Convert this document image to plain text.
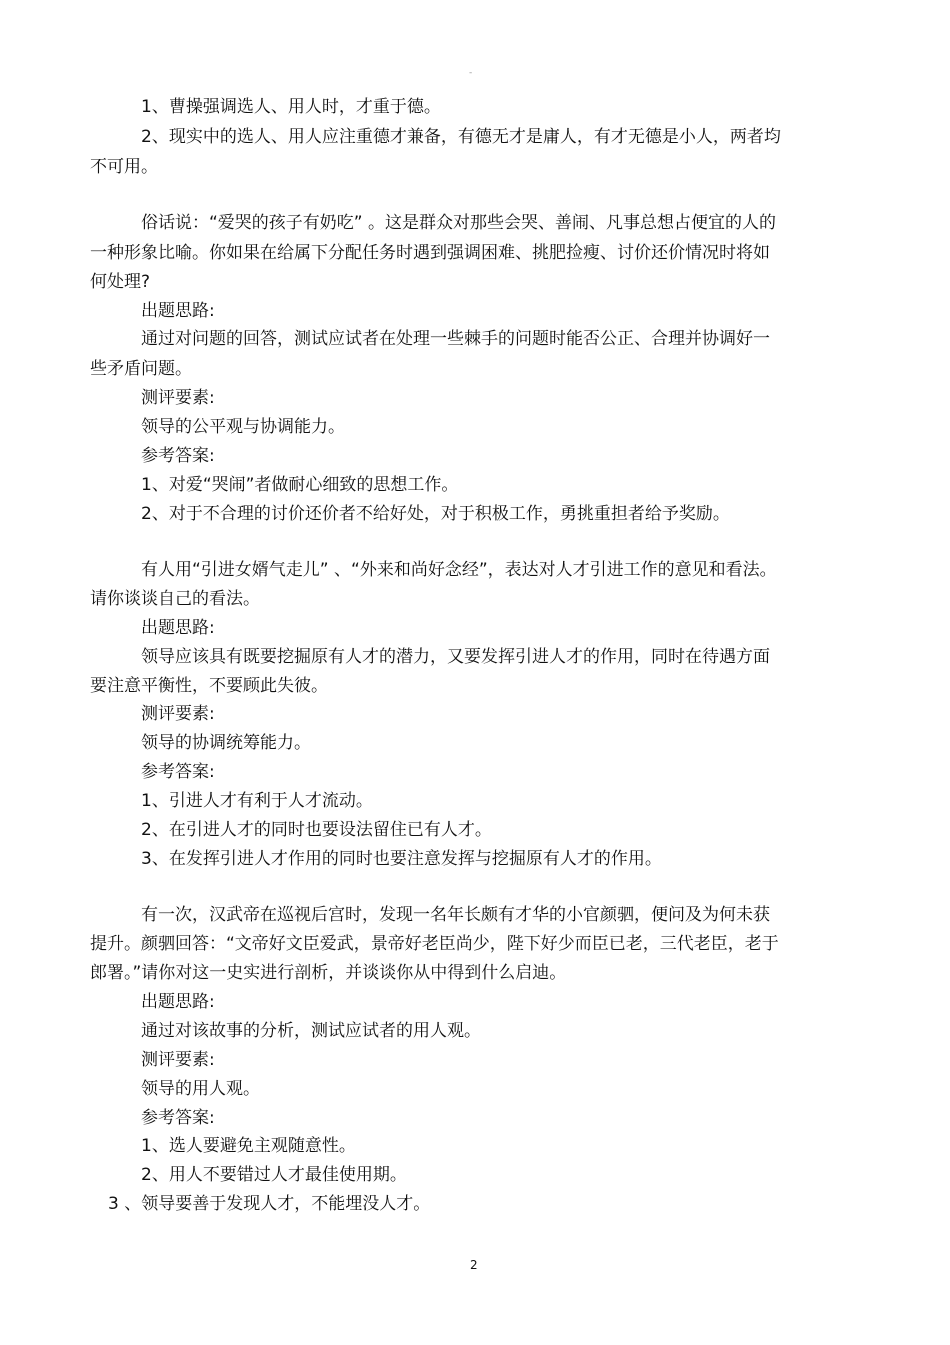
-
1、曹操强调选人、用人时，才重于德。
2、现实中的选人、用人应注重德才兼备，有德无才是庸人，有才无德是小人，两者均
不可用。
俗话说：“爱哭的孩子有奶吃” 。这是群众对那些会哭、善闹、凡事总想占便宜的人的
一种形象比喻。你如果在给属下分配任务时遇到强调困难、挑肥捡瘦、讨价还价情况时将如
何处理?
出题思路:
通过对问题的回答，测试应试者在处理一些棘手的问题时能否公正、合理并协调好一
些矛盾问题。
测评要素:
领导的公平观与协调能力。
参考答案:
1、对爱“哭闹”者做耐心细致的思想工作。
2、对于不合理的讨价还价者不给好处，对于积极工作，勇挑重担者给予奖励。
有人用“引进女婿气走儿” 、“外来和尚好念经”，表达对人才引进工作的意见和看法。
请你谈谈自己的看法。
出题思路:
领导应该具有既要挖掘原有人才的潜力，又要发挥引进人才的作用，同时在待遇方面
要注意平衡性，不要顾此失彼。
测评要素:
领导的协调统筹能力。
参考答案:
1、引进人才有利于人才流动。
2、在引进人才的同时也要设法留住已有人才。
3、在发挥引进人才作用的同时也要注意发挥与挖掘原有人才的作用。
有一次，汉武帝在巡视后宫时，发现一名年长颇有才华的小官颜驷，便问及为何未获
提升。颜驷回答：“文帝好文臣爱武，景帝好老臣尚少，陛下好少而臣已老，三代老臣，老于
郎署。”请你对这一史实进行剖析，并谈谈你从中得到什么启迪。
出题思路:
通过对该故事的分析，测试应试者的用人观。
测评要素:
领导的用人观。
参考答案:
1、选人要避免主观随意性。
2、用人不要错过人才最佳使用期。
3 、领导要善于发现人才，不能埋没人才。
2
